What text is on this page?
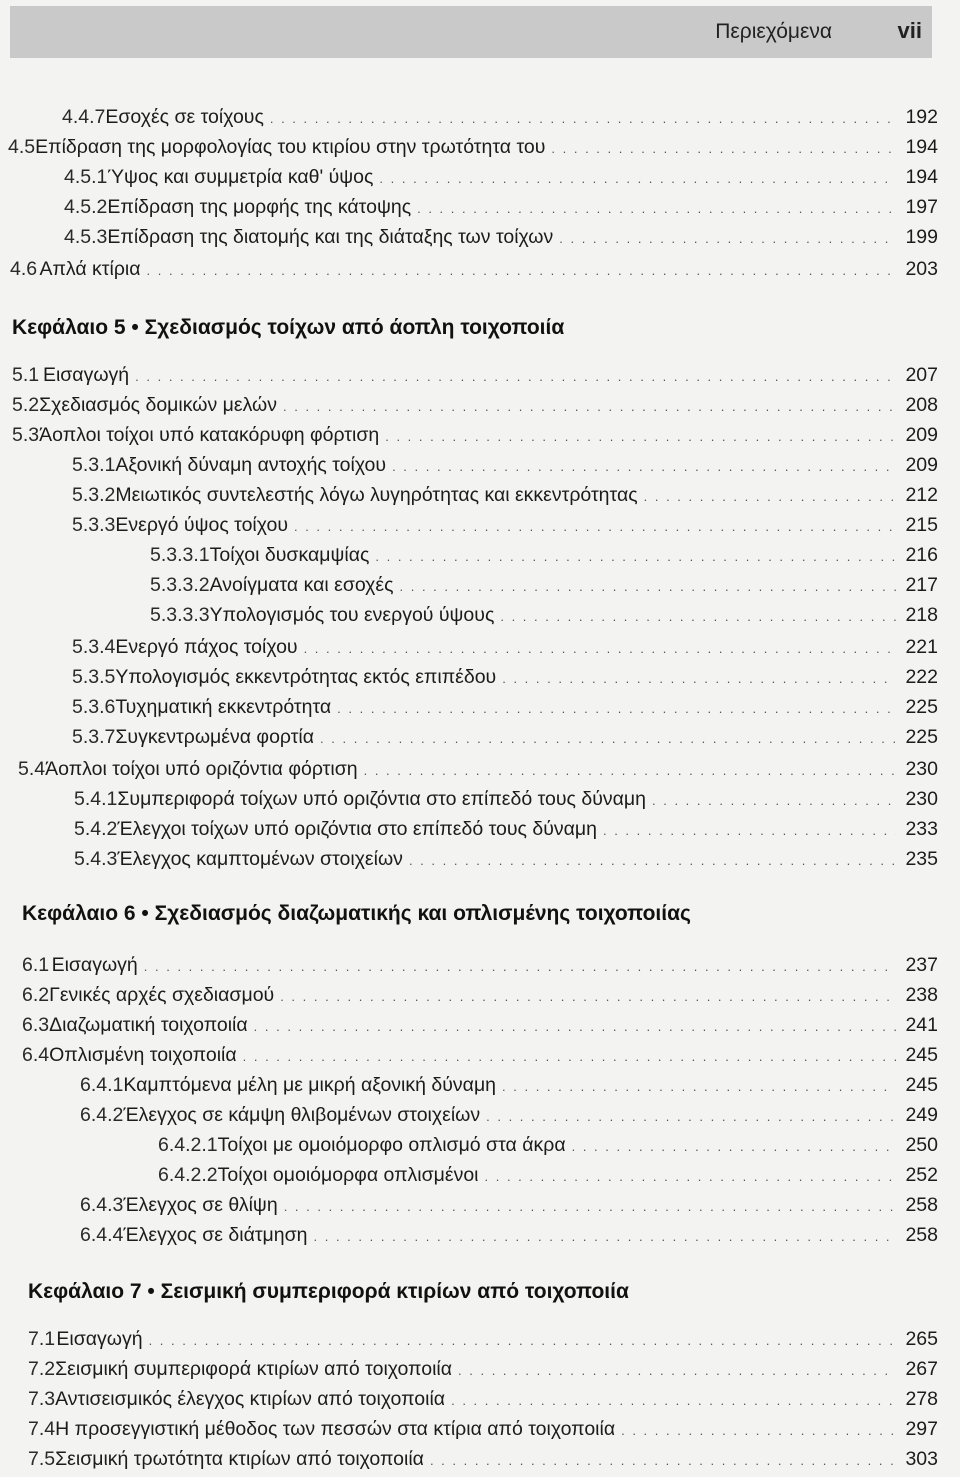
Περιεχόμενα	vii
Κεφάλαιο 5 • Σχεδιασμός τοίχων από άοπλη τοιχοποιία
Κεφάλαιο 6 • Σχεδιασμός διαζωματικής και οπλισμένης τοιχοποιίας
Κεφάλαιο 7 • Σεισμική συμπεριφορά κτιρίων από τοιχοποιία
4.4.7 Εσοχές σε τοίχους . . .	192
4.5 Επίδραση της μορφολογίας του κτιρίου στην τρωτότητα του . . .	194
4.5.1 Ύψος και συμμετρία καθ' ύψος . . .	194
4.5.2 Επίδραση της μορφής της κάτοψης . . .	197
4.5.3 Επίδραση της διατομής και της διάταξης των τοίχων . . .	199
4.6 Απλά κτίρια . . .	203
5.1 Εισαγωγή . . .	207
5.2 Σχεδιασμός δομικών μελών . . .	208
5.3 Άοπλοι τοίχοι υπό κατακόρυφη φόρτιση . . .	209
5.3.1 Αξονική δύναμη αντοχής τοίχου . . .	209
5.3.2 Μειωτικός συντελεστής λόγω λυγηρότητας και εκκεντρότητας . . .	212
5.3.3 Ενεργό ύψος τοίχου . . .	215
5.3.3.1 Τοίχοι δυσκαμψίας . . .	216
5.3.3.2 Ανοίγματα και εσοχές . . .	217
5.3.3.3 Υπολογισμός του ενεργού ύψους . . .	218
5.3.4 Ενεργό πάχος τοίχου . . .	221
5.3.5 Υπολογισμός εκκεντρότητας εκτός επιπέδου . . .	222
5.3.6 Τυχηματική εκκεντρότητα . . .	225
5.3.7 Συγκεντρωμένα φορτία . . .	225
5.4 Άοπλοι τοίχοι υπό οριζόντια φόρτιση . . .	230
5.4.1 Συμπεριφορά τοίχων υπό οριζόντια στο επίπεδό τους δύναμη . . .	230
5.4.2 Έλεγχοι τοίχων υπό οριζόντια στο επίπεδό τους δύναμη . . .	233
5.4.3 Έλεγχος καμπτομένων στοιχείων . . .	235
6.1 Εισαγωγή . . .	237
6.2 Γενικές αρχές σχεδιασμού . . .	238
6.3 Διαζωματική τοιχοποιία . . .	241
6.4 Οπλισμένη τοιχοποιία . . .	245
6.4.1 Καμπτόμενα μέλη με μικρή αξονική δύναμη . . .	245
6.4.2 Έλεγχος σε κάμψη θλιβομένων στοιχείων . . .	249
6.4.2.1 Τοίχοι με ομοιόμορφο οπλισμό στα άκρα . . .	250
6.4.2.2 Τοίχοι ομοιόμορφα οπλισμένοι . . .	252
6.4.3 Έλεγχος σε θλίψη . . .	258
6.4.4 Έλεγχος σε διάτμηση . . .	258
7.1 Εισαγωγή . . .	265
7.2 Σεισμική συμπεριφορά κτιρίων από τοιχοποιία . . .	267
7.3 Αντισεισμικός έλεγχος κτιρίων από τοιχοποιία . . .	278
7.4 Η προσεγγιστική μέθοδος των πεσσών στα κτίρια από τοιχοποιία . . .	297
7.5 Σεισμική τρωτότητα κτιρίων από τοιχοποιία . . .	303
